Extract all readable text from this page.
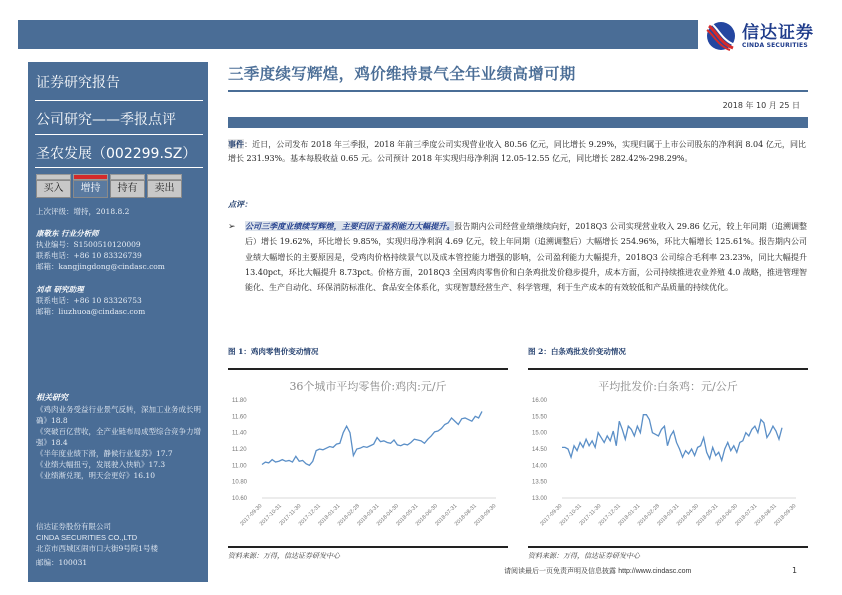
信达证券
CINDA SECURITIES
证券研究报告
公司研究——季报点评
圣农发展（002299.SZ）
买入	增持	持有	卖出
上次评级：增持，2018.8.2
康敬东 行业分析师
执业编号：S1500510120009
联系电话：+86 10 83326739
邮箱：kangjingdong@cindasc.com
刘卓 研究助理
联系电话：+86 10 83326753
邮箱：liuzhuoa@cindasc.com
相关研究
《鸡肉业务受益行业景气反转，深加工业务成长明
确》18.8
《突破百亿营收，全产业链布局成型综合竞争力增
强》18.4
《半年度业绩下滑，静候行业复苏》17.7
《业绩大幅扭亏，发展驶入快轨》17.3
《业绩渐兑现，明天会更好》16.10
信达证券股份有限公司
CINDA SECURITIES CO.,LTD
北京市西城区闹市口大街9号院1号楼
邮编：100031
三季度续写辉煌，鸡价维持景气全年业绩高增可期
2018 年 10 月 25 日
事件：近日，公司发布 2018 年三季报，2018 年前三季度公司实现营业收入 80.56 亿元，同比增长 9.29%，实现归属于上市公司股东的净利润 8.04 亿元，同比增长 231.93%。基本每股收益 0.65 元。公司预计 2018 年实现归母净利润 12.05-12.55 亿元，同比增长 282.42%-298.29%。
点评：
➢ 公司三季度业绩续写辉煌，主要归因于盈利能力大幅提升。报告期内公司经营业绩继续向好，2018Q3 公司实现营业收入 29.86 亿元，较上年同期（追溯调整后）增长 19.62%，环比增长 9.85%，实现归母净利润 4.69 亿元，较上年同期（追溯调整后）大幅增长 254.96%，环比大幅增长 125.61%。报告期内公司业绩大幅增长的主要原因是，受鸡肉价格持续景气以及成本管控能力增强的影响，公司盈利能力大幅提升，2018Q3 公司综合毛利率 23.23%，同比大幅提升 13.40pct，环比大幅提升 8.73pct。价格方面，2018Q3 全国鸡肉零售价和白条鸡批发价稳步提升，成本方面，公司持续推进农业养殖 4.0 战略，推进管理智能化、生产自动化、环保消防标准化、食品安全体系化，实现智慧经营生产、科学管理，利于生产成本的有效较低和产品质量的持续优化。
图 1：鸡肉零售价变动情况
36个城市平均零售价:鸡肉:元/斤
11.80
11.60
11.40
11.20
11.00
10.80
10.60
2017-09-30
2017-10-31
2017-11-30
2017-12-31
2018-01-31
2018-02-28
2018-03-31
2018-04-30
2018-05-31
2018-06-30
2018-07-31
2018-08-31
2018-09-30
资料来源：万得，信达证券研发中心
图 2：白条鸡批发价变动情况
平均批发价:白条鸡：元/公斤
16.00
15.50
15.00
14.50
14.00
13.50
13.00
2017-09-30
2017-10-31
2017-11-30
2017-12-31
2018-01-31
2018-02-28
2018-03-31
2018-04-30
2018-05-31
2018-06-30
2018-07-31
2018-08-31
2018-09-30
资料来源：万得，信达证券研发中心
请阅读最后一页免责声明及信息披露 http://www.cindasc.com	1
